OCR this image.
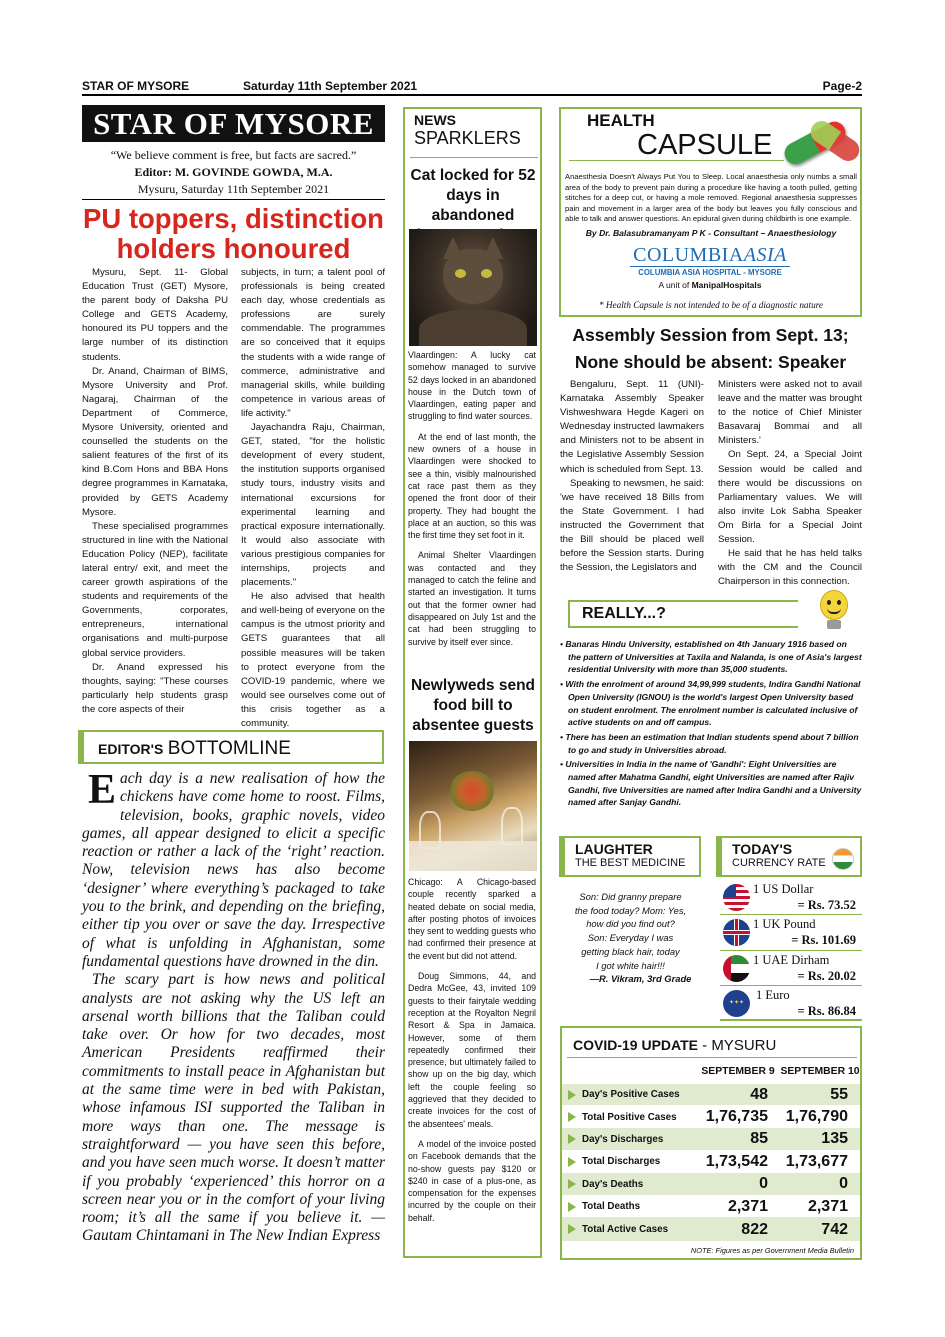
STAR OF MYSORE	Saturday 11th September 2021	Page-2
STAR OF MYSORE
“We believe comment is free, but facts are sacred.”
Editor: M. GOVINDE GOWDA, M.A.
Mysuru, Saturday 11th September 2021
PU toppers, distinction holders honoured

Mysuru, Sept. 11- Global Education Trust (GET) Mysore, the parent body of Daksha PU College and GETS Academy, honoured its PU toppers and the large number of its distinction students.

Dr. Anand, Chairman of BIMS, Mysore University and Prof. Nagaraj, Chairman of the Department of Commerce, Mysore University, oriented and counselled the students on the salient features of the first of its kind B.Com Hons and BBA Hons degree programmes in Karnataka, provided by GETS Academy Mysore.

These specialised programmes structured in line with the National Education Policy (NEP), facilitate lateral entry/ exit, and meet the career growth aspirations of the students and requirements of the Governments, corporates, entrepreneurs, international organisations and multi-purpose global service providers.

Dr. Anand expressed his thoughts, saying: "These courses particularly help students grasp the core aspects of their

subjects, in turn; a talent pool of professionals is being created each day, whose credentials as professions are surely commendable. The programmes are so conceived that it equips the students with a wide range of commerce, administrative and managerial skills, while building competence in various areas of life activity."

Jayachandra Raju, Chairman, GET, stated, "for the holistic development of every student, the institution supports organised study tours, industry visits and international excursions for experimental learning and practical exposure internationally. It would also associate with various prestigious companies for internships, projects and placements."

He also advised that health and well-being of everyone on the campus is the utmost priority and GETS guarantees that all possible measures will be taken to protect everyone from the COVID-19 pandemic, where we would see ourselves come out of this crisis together as a community.

EDITOR'S BOTTOMLINE

Each day is a new realisation of how the chickens have come home to roost. Films, television, books, graphic novels, video games, all appear designed to elicit a specific reaction or rather a lack of the ‘right’ reaction. Now, television news has also become ‘designer’ where everything’s packaged to take you to the brink, and depending on the briefing, either tip you over or save the day. Irrespective of what is unfolding in Afghanistan, some fundamental questions have drowned in the din.

The scary part is how news and political analysts are not asking why the US left an arsenal worth billions that the Taliban could take over. Or how for two decades, most American Presidents reaffirmed their commitments to install peace in Afghanistan but at the same time were in bed with Pakistan, whose infamous ISI supported the Taliban in more ways than one. The message is straightforward — you have seen this before, and you have seen much worse. It doesn’t matter if you probably ‘experienced’ this horror on a screen near you or in the comfort of your living room; it’s all the same if you believe it. —Gautam Chintamani in The New Indian Express

NEWS
SPARKLERS
Cat locked for 52 days in abandoned

Vlaardingen: A lucky cat somehow managed to survive 52 days locked in an abandoned house in the Dutch town of Vlaardingen, eating paper and struggling to find water sources.

At the end of last month, the new owners of a house in Vlaardingen were shocked to see a thin, visibly malnourished cat race past them as they opened the front door of their property. They had bought the place at an auction, so this was the first time they set foot in it.

Animal Shelter Vlaardingen was contacted and they managed to catch the feline and started an investigation. It turns out that the former owner had disappeared on July 1st and the cat had been struggling to survive by itself ever since.

Newlyweds send food bill to absentee guests

Chicago: A Chicago-based couple recently sparked a heated debate on social media, after posting photos of invoices they sent to wedding guests who had confirmed their presence at the event but did not attend.

Doug Simmons, 44, and Dedra McGee, 43, invited 109 guests to their fairytale wedding reception at the Royalton Negril Resort & Spa in Jamaica. However, some of them repeatedly confirmed their presence, but ultimately failed to show up on the big day, which left the couple feeling so aggrieved that they decided to create invoices for the cost of the absentees' meals.

A model of the invoice posted on Facebook demands that the no-show guests pay $120 or $240 in case of a plus-one, as compensation for the expenses incurred by the couple on their behalf.

HEALTH
CAPSULE
Anaesthesia Doesn't Always Put You to Sleep. Local anaesthesia only numbs a small area of the body to prevent pain during a procedure like having a tooth pulled, getting stitches for a deep cut, or having a mole removed. Regional anaesthesia suppresses pain and movement in a larger area of the body but leaves you fully conscious and able to talk and answer questions. An epidural given during childbirth is one example.
By Dr. Balasubramanyam P K - Consultant – Anaesthesiology
COLUMBIAASIA
COLUMBIA ASIA HOSPITAL - MYSORE
A unit of ManipalHospitals
* Health Capsule is not intended to be of a diagnostic nature
Assembly Session from Sept. 13;
None should be absent: Speaker

Bengaluru, Sept. 11 (UNI)- Karnataka Assembly Speaker Vishweshwara Hegde Kageri on Wednesday instructed lawmakers and Ministers not to be absent in the Legislative Assembly Session which is scheduled from Sept. 13.

Speaking to newsmen, he said: 'we have received 18 Bills from the State Government. I had instructed the Government that the Bill should be placed well before the Session starts. During the Session, the Legislators and

Ministers were asked not to avail leave and the matter was brought to the notice of Chief Minister Basavaraj Bommai and all Ministers.'

On Sept. 24, a Special Joint Session would be called and there would be discussions on Parliamentary values. We will also invite Lok Sabha Speaker Om Birla for a Special Joint Session.

He said that he has held talks with the CM and the Council Chairperson in this connection.

REALLY...?
• Banaras Hindu University, established on 4th January 1916 based on the pattern of Universities at Taxila and Nalanda, is one of Asia's largest residential University with more than 35,000 students.
• With the enrolment of around 34,99,999 students, Indira Gandhi National Open University (IGNOU) is the world's largest Open University based on student enrolment. The enrolment number is calculated inclusive of active students on and off campus.
• There has been an estimation that Indian students spend about 7 billion to go and study in Universities abroad.
• Universities in India in the name of 'Gandhi': Eight Universities are named after Mahatma Gandhi, eight Universities are named after Rajiv Gandhi, five Universities are named after Indira Gandhi and a University named after Sanjay Gandhi.
LAUGHTER
THE BEST MEDICINE
Son: Did granny prepare
the food today? Mom: Yes,
how did you find out?
Son: Everyday I was
getting black hair, today
I got white hair!!!
—R. Vikram, 3rd Grade
TODAY'S
CURRENCY RATE
1 US Dollar
= Rs. 73.52
1 UK Pound
= Rs. 101.69
1 UAE Dirham
= Rs. 20.02
✦✦✦
1 Euro
= Rs. 86.84
COVID-19 UPDATE - MYSURU
SEPTEMBER 9 SEPTEMBER 10
Day's Positive Cases	48	55
Total Positive Cases	1,76,735	1,76,790
Day's Discharges	85	135
Total Discharges	1,73,542	1,73,677
Day's Deaths	0	0
Total Deaths	2,371	2,371
Total Active Cases	822	742
NOTE: Figures as per Government Media Bulletin
